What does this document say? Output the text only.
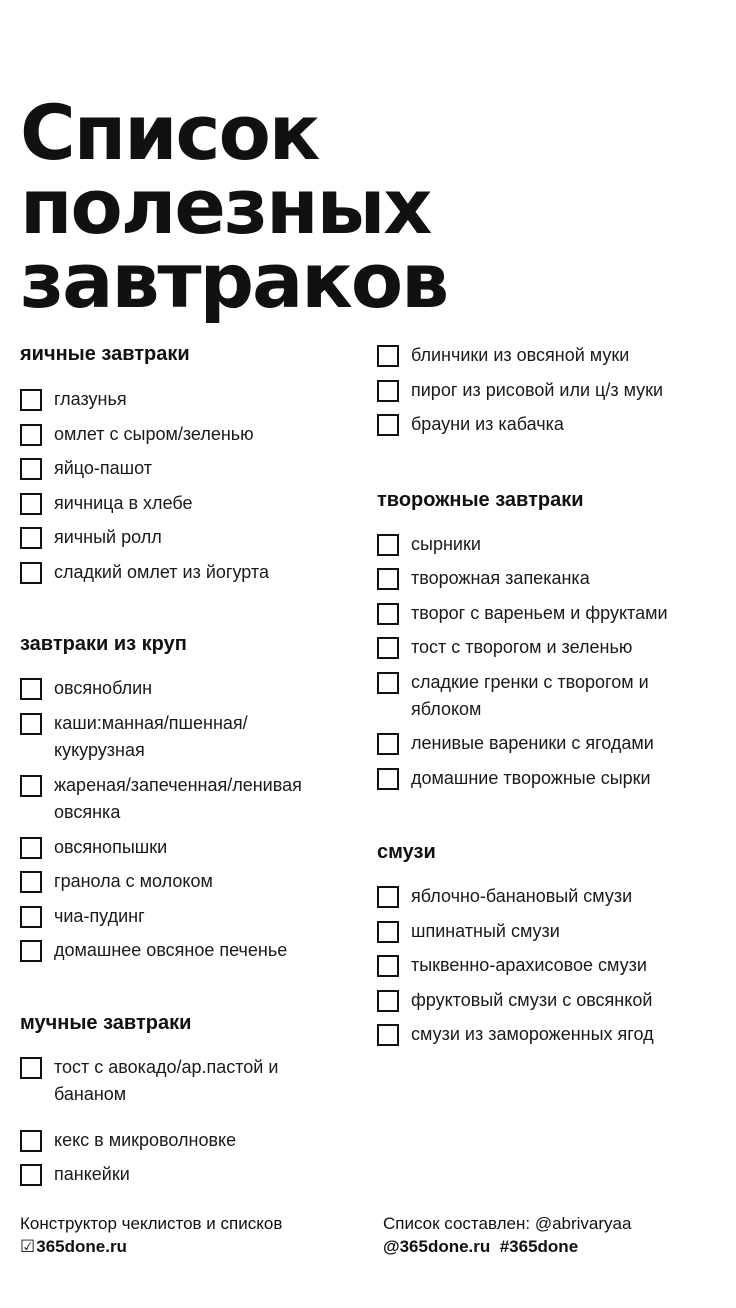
Список
полезных
завтраков
яичные завтраки
глазунья
омлет с сыром/зеленью
яйцо-пашот
яичница в хлебе
яичный ролл
сладкий омлет из йогурта
завтраки из круп
овсяноблин
каши:манная/пшенная/ кукурузная
жареная/запеченная/ленивая овсянка
овсянопышки
гранола с молоком
чиа-пудинг
домашнее овсяное печенье
мучные завтраки
тост с авокадо/ар.пастой и бананом
кекс в микроволновке
панкейки
блинчики из овсяной муки
пирог из рисовой или ц/з муки
брауни из кабачка
творожные завтраки
сырники
творожная запеканка
творог с вареньем и фруктами
тост с творогом и зеленью
сладкие гренки с творогом и яблоком
ленивые вареники с ягодами
домашние творожные сырки
смузи
яблочно-банановый смузи
шпинатный смузи
тыквенно-арахисовое смузи
фруктовый смузи с овсянкой
смузи из замороженных ягод
Конструктор чеклистов и списков
☑365done.ru
Список составлен: @abrivaryaa
@365done.ru  #365done
